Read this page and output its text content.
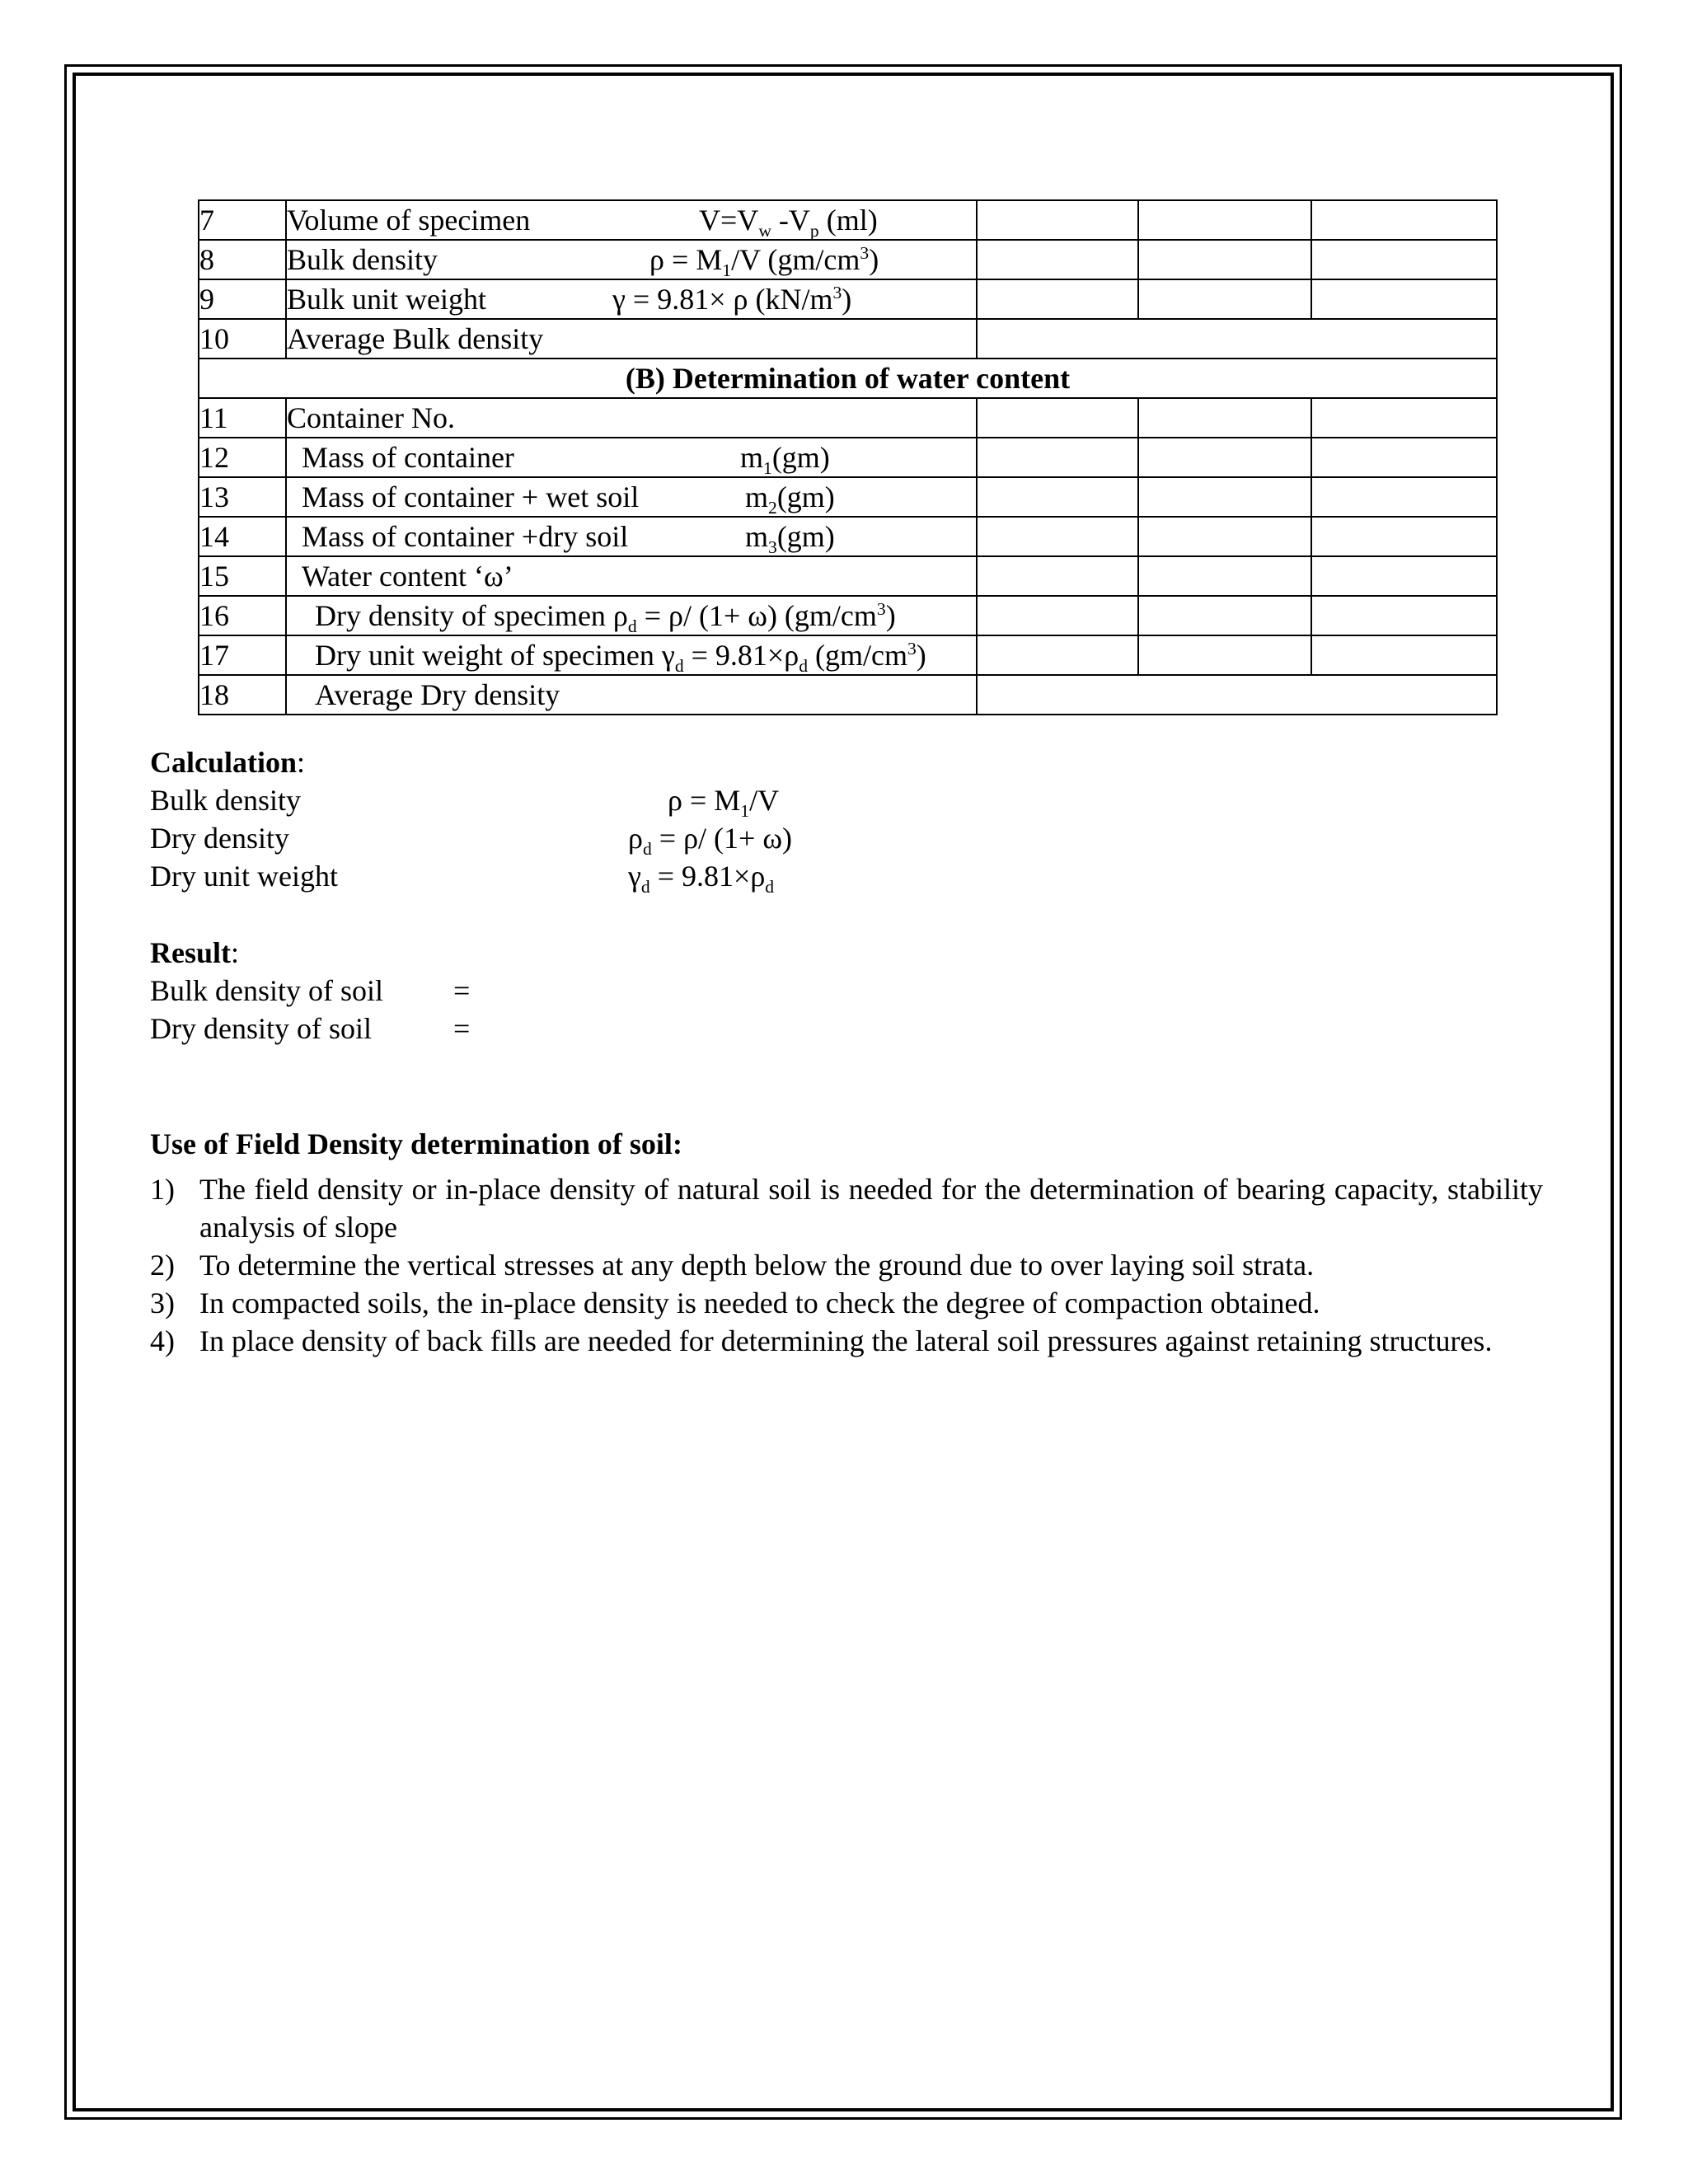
7	Volume of specimen $V=V_w$ $-V_p$ (ml)			

8	Bulk density $\rho = M_1/V$ $(gm/cm^3)$			

9	Bulk unit weight γ = 9.81× ρ $(kN/m^3)$			

10	Average Bulk density			
(B) Determination of water content				
11	Container No.			
12	Mass of container $m_1(gm)$			

13	Mass of container + wet soil $m_2(gm)$			

14	Mass of container +dry soil $m_3(gm)$			

15	Water content ‘ω’			
16	Dry density of specimen $\rho_d = \rho/$ (1+ ω) $(gm/cm^3)$			
17	Dry unit weight of specimen $\gamma_d = 9.81\times\rho_d$ $(gm/cm^3)$			
18	Average Dry density			
Calculation:
Bulk density	$\rho = M_1/V$
Dry density	$\rho_d = \rho/$ (1+ ω)
Dry unit weight	$\gamma_d = 9.81\times\rho_d$
Result:
Bulk density of soil =
Dry density of soil	=
Use of Field Density determination of soil:
1) The field density or in-place density of natural soil is needed for the determination of bearing capacity, stability analysis of slope
2) To determine the vertical stresses at any depth below the ground due to over laying soil strata.
3) In compacted soils, the in-place density is needed to check the degree of compaction obtained.
4) In place density of back fills are needed for determining the lateral soil pressures against retaining structures.
